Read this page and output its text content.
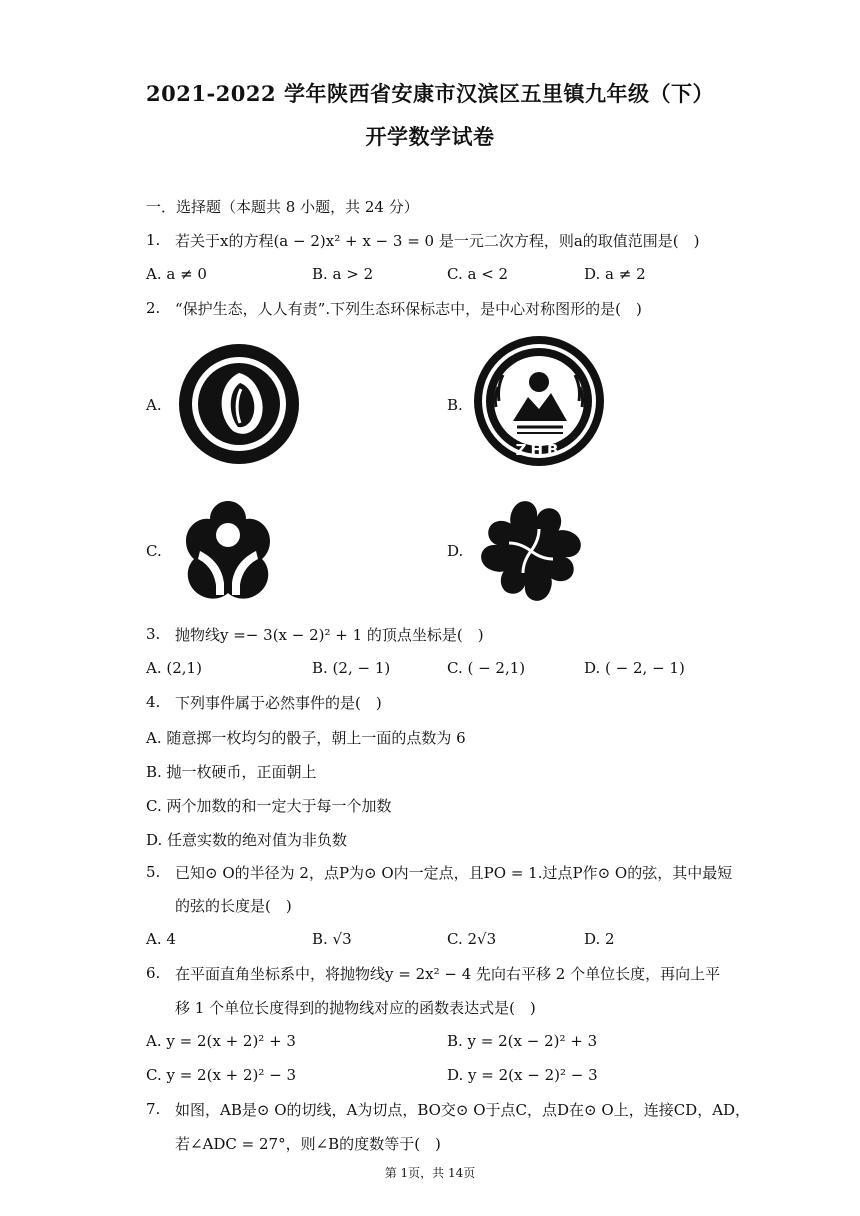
2021-2022 学年陕西省安康市汉滨区五里镇九年级（下）
开学数学试卷
一．选择题（本题共 8 小题，共 24 分）
1. 若关于x的方程(a − 2)x² + x − 3 = 0 是一元二次方程，则a的取值范围是(　)
A. a ≠ 0	B. a > 2	C. a < 2	D. a ≠ 2
2. “保护生态，人人有责”.下列生态环保标志中，是中心对称图形的是(　)
A.	B.
ZHB
C.	D.
3. 抛物线y =− 3(x − 2)² + 1 的顶点坐标是(　)
A. (2,1)	B. (2, − 1)	C. ( − 2,1)	D. ( − 2, − 1)
4. 下列事件属于必然事件的是(　)
A. 随意掷一枚均匀的骰子，朝上一面的点数为 6
B. 抛一枚硬币，正面朝上
C. 两个加数的和一定大于每一个加数
D. 任意实数的绝对值为非负数
5. 已知⊙ O的半径为 2，点P为⊙ O内一定点，且PO = 1.过点P作⊙ O的弦，其中最短
的弦的长度是(　)
A. 4	B. √3	C. 2√3	D. 2
6. 在平面直角坐标系中，将抛物线y = 2x² − 4 先向右平移 2 个单位长度，再向上平
移 1 个单位长度得到的抛物线对应的函数表达式是(　)
A. y = 2(x + 2)² + 3	B. y = 2(x − 2)² + 3
C. y = 2(x + 2)² − 3	D. y = 2(x − 2)² − 3
7. 如图，AB是⊙ O的切线，A为切点，BO交⊙ O于点C，点D在⊙ O上，连接CD，AD，
若∠ADC = 27°，则∠B的度数等于(　)
第 1页，共 14页
